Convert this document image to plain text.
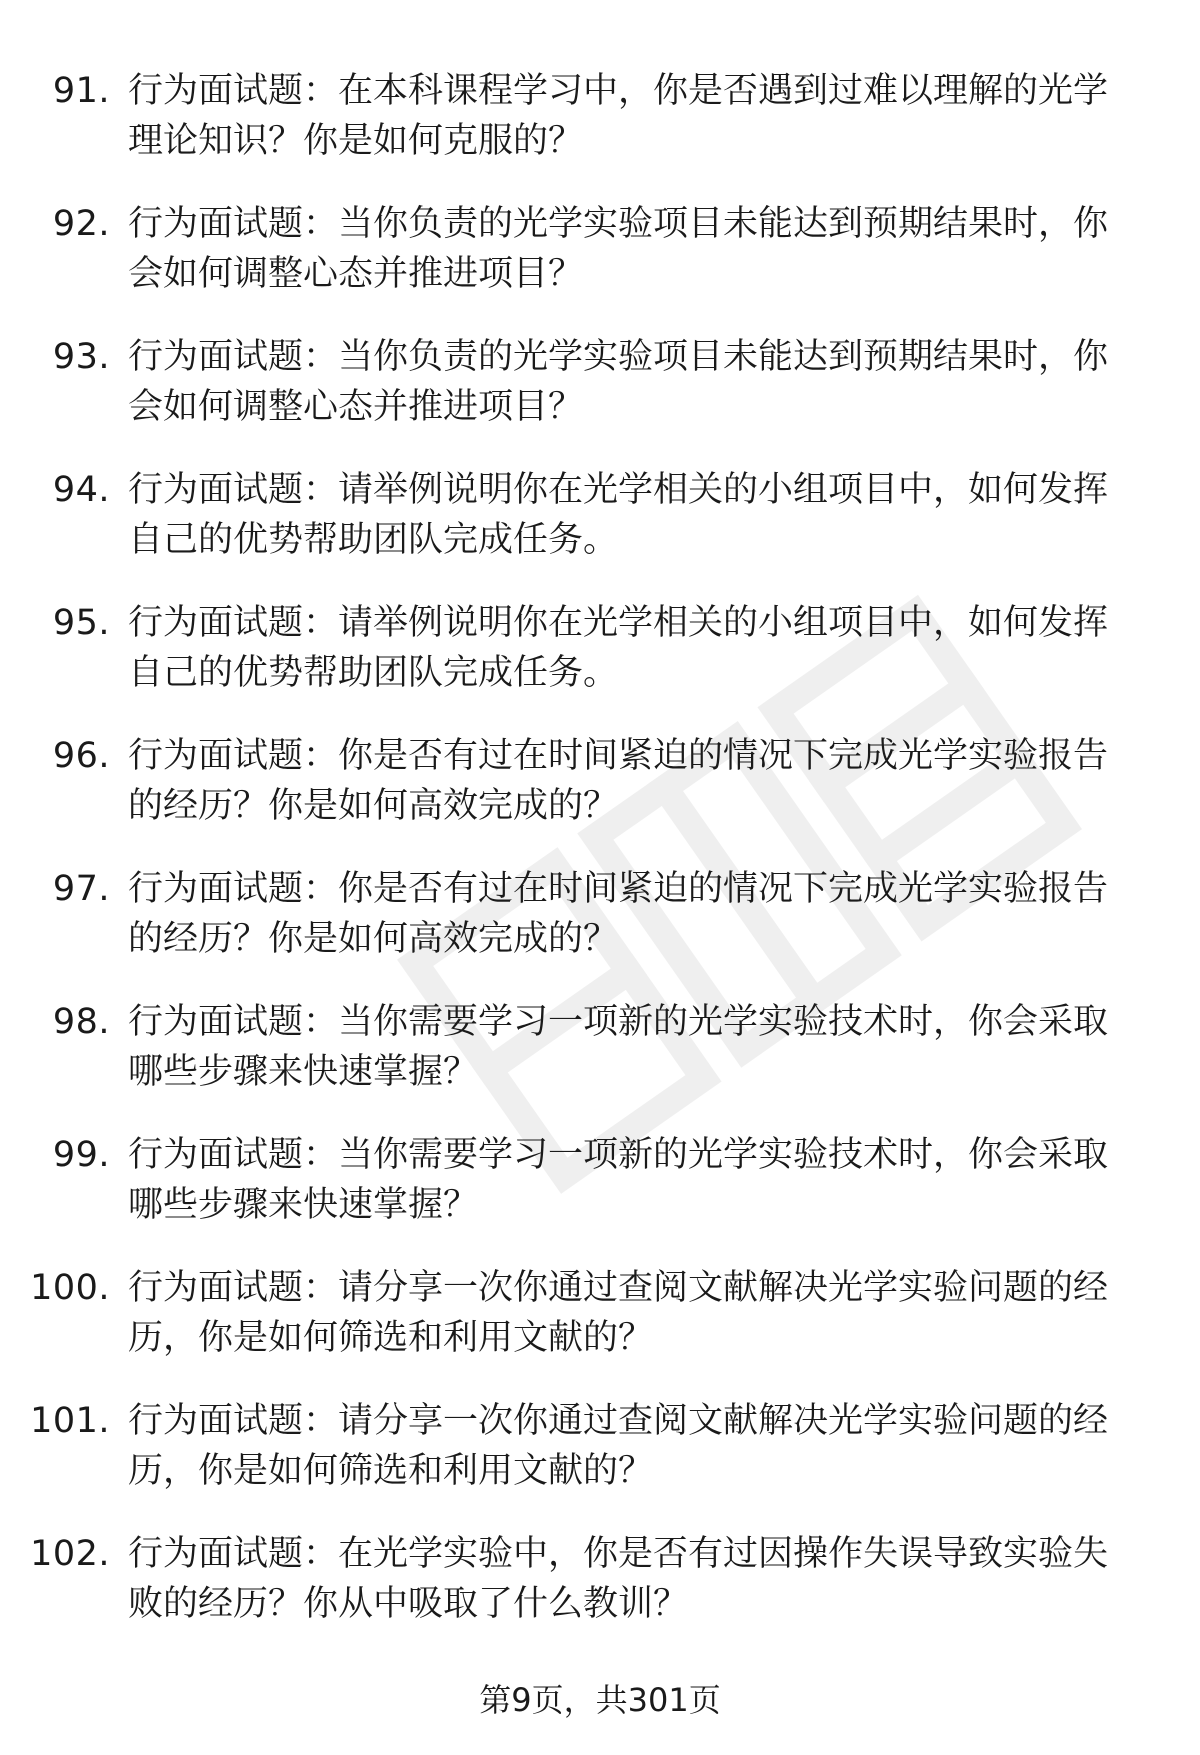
91. 行为面试题：在本科课程学习中，你是否遇到过难以理解的光学
理论知识？你是如何克服的？
92. 行为面试题：当你负责的光学实验项目未能达到预期结果时，你
会如何调整心态并推进项目？
93. 行为面试题：当你负责的光学实验项目未能达到预期结果时，你
会如何调整心态并推进项目？
94. 行为面试题：请举例说明你在光学相关的小组项目中，如何发挥
自己的优势帮助团队完成任务。
95. 行为面试题：请举例说明你在光学相关的小组项目中，如何发挥
自己的优势帮助团队完成任务。
96. 行为面试题：你是否有过在时间紧迫的情况下完成光学实验报告
的经历？你是如何高效完成的？
97. 行为面试题：你是否有过在时间紧迫的情况下完成光学实验报告
的经历？你是如何高效完成的？
98. 行为面试题：当你需要学习一项新的光学实验技术时，你会采取
哪些步骤来快速掌握？
99. 行为面试题：当你需要学习一项新的光学实验技术时，你会采取
哪些步骤来快速掌握？
100. 行为面试题：请分享一次你通过查阅文献解决光学实验问题的经
历，你是如何筛选和利用文献的？
101. 行为面试题：请分享一次你通过查阅文献解决光学实验问题的经
历，你是如何筛选和利用文献的？
102. 行为面试题：在光学实验中，你是否有过因操作失误导致实验失
败的经历？你从中吸取了什么教训？
第9页，共301页
